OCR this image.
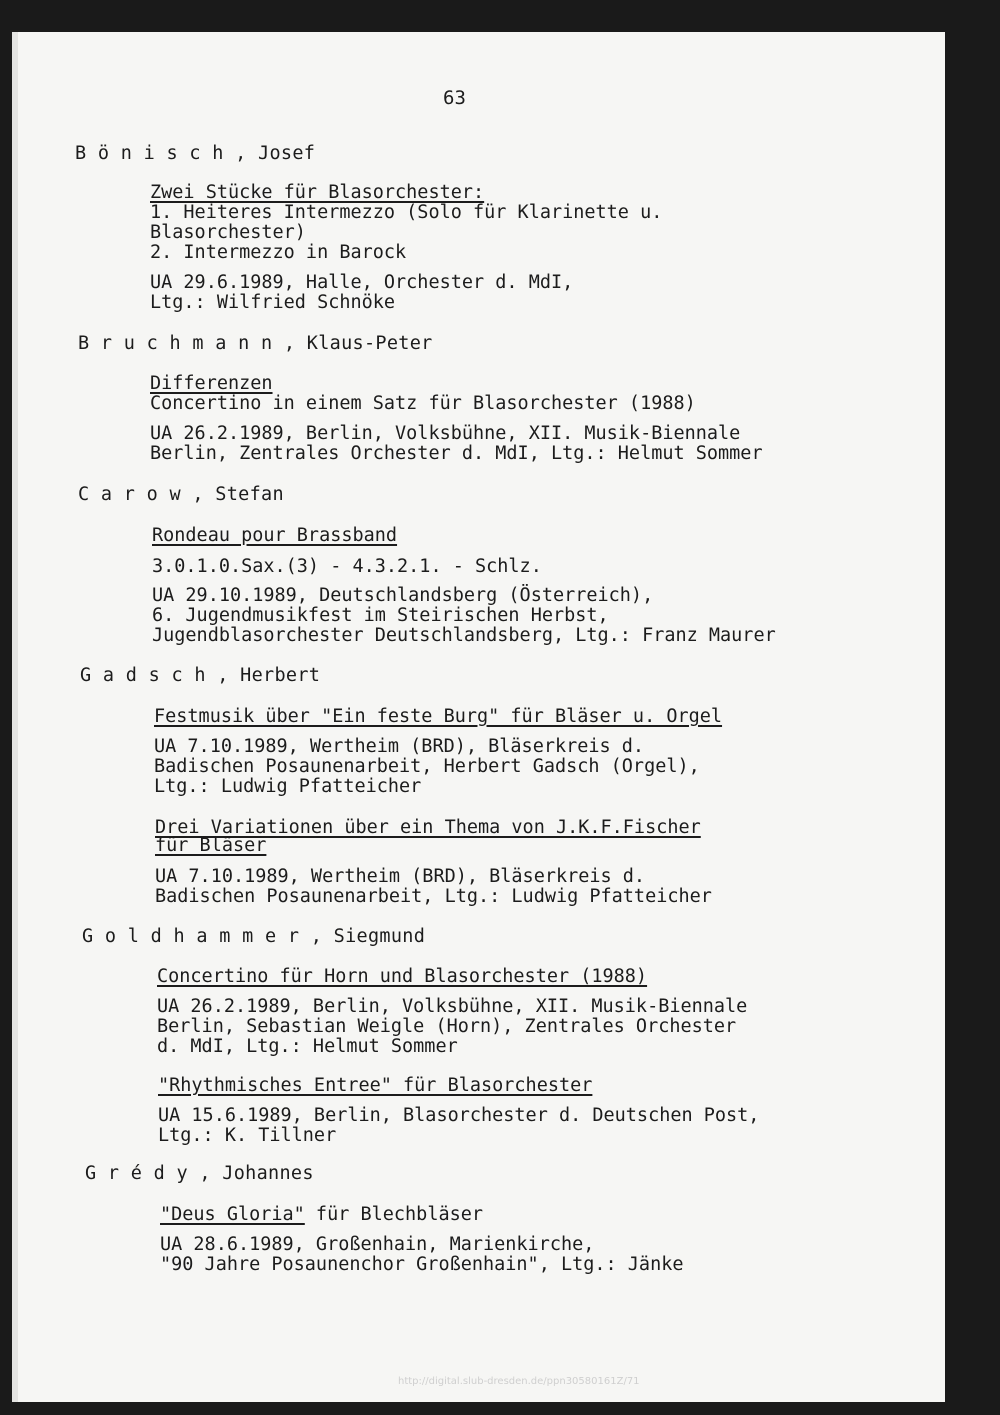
63
B ö n i s c h , Josef
Zwei Stücke für Blasorchester:
1. Heiteres Intermezzo (Solo für Klarinette u.
Blasorchester)
2. Intermezzo in Barock
UA 29.6.1989, Halle, Orchester d. MdI,
Ltg.: Wilfried Schnöke
B r u c h m a n n , Klaus-Peter
Differenzen
Concertino in einem Satz für Blasorchester (1988)
UA 26.2.1989, Berlin, Volksbühne, XII. Musik-Biennale
Berlin, Zentrales Orchester d. MdI, Ltg.: Helmut Sommer
C a r o w , Stefan
Rondeau pour Brassband
3.0.1.0.Sax.(3) - 4.3.2.1. - Schlz.
UA 29.10.1989, Deutschlandsberg (Österreich),
6. Jugendmusikfest im Steirischen Herbst,
Jugendblasorchester Deutschlandsberg, Ltg.: Franz Maurer
G a d s c h , Herbert
Festmusik über "Ein feste Burg" für Bläser u. Orgel
UA 7.10.1989, Wertheim (BRD), Bläserkreis d.
Badischen Posaunenarbeit, Herbert Gadsch (Orgel),
Ltg.: Ludwig Pfatteicher
Drei Variationen über ein Thema von J.K.F.Fischer
für Bläser
UA 7.10.1989, Wertheim (BRD), Bläserkreis d.
Badischen Posaunenarbeit, Ltg.: Ludwig Pfatteicher
G o l d h a m m e r , Siegmund
Concertino für Horn und Blasorchester (1988)
UA 26.2.1989, Berlin, Volksbühne, XII. Musik-Biennale
Berlin, Sebastian Weigle (Horn), Zentrales Orchester
d. MdI, Ltg.: Helmut Sommer
"Rhythmisches Entree" für Blasorchester
UA 15.6.1989, Berlin, Blasorchester d. Deutschen Post,
Ltg.: K. Tillner
G r é d y , Johannes
"Deus Gloria" für Blechbläser
UA 28.6.1989, Großenhain, Marienkirche,
"90 Jahre Posaunenchor Großenhain", Ltg.: Jänke
http://digital.slub-dresden.de/ppn30580161Z/71
